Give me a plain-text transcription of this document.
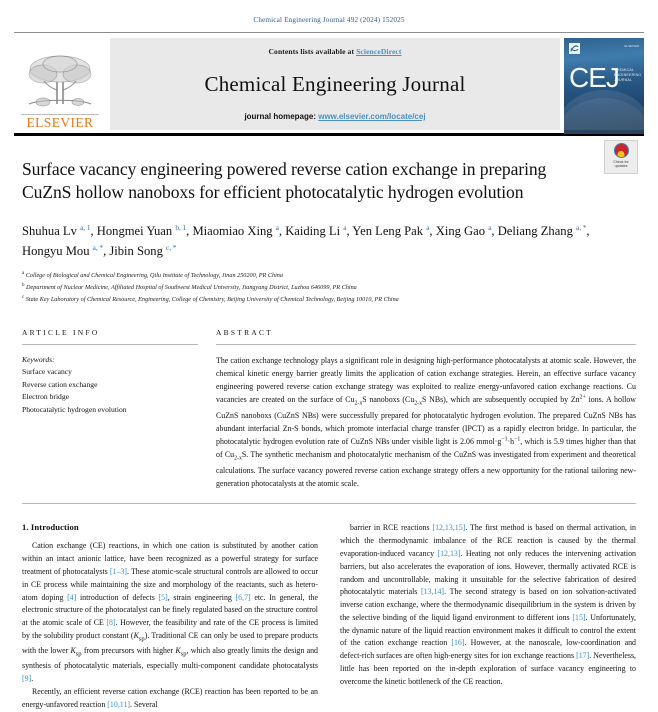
Chemical Engineering Journal 492 (2024) 152025
ELSEVIER
Contents lists available at ScienceDirect
Chemical Engineering Journal
journal homepage: www.elsevier.com/locate/cej
ELSEVIER
CEJ
CHEMICAL ENGINEERING JOURNAL
Check for
updates
Surface vacancy engineering powered reverse cation exchange in preparing CuZnS hollow nanoboxs for efficient photocatalytic hydrogen evolution
Shuhua Lv $^{a, 1}$, Hongmei Yuan $^{b, 1}$, Miaomiao Xing $^a$, Kaiding Li $^a$, Yen Leng Pak $^a$, Xing Gao $^a$, Deliang Zhang $^{a, *}$, Hongyu Mou $^{a, *}$, Jibin Song $^{c, *}$
$^a$ College of Biological and Chemical Engineering, Qilu Institute of Technology, Jinan 250200, PR China
$^b$ Department of Nuclear Medicine, Affiliated Hospital of Southwest Medical University, Jiangyang District, Luzhou 646099, PR China
$^c$ State Key Laboratory of Chemical Resource, Engineering, College of Chemistry, Beijing University of Chemical Technology, Beijing 10010, PR China
ARTICLE INFO
Keywords:
Surface vacancy
Reverse cation exchange
Electron bridge
Photocatalytic hydrogen evolution
ABSTRACT
The cation exchange technology plays a significant role in designing high-performance photocatalysts at atomic scale. However, the chemical kinetic energy barrier greatly limits the application of cation exchange strategies. Herein, an effective surface vacancy engineering powered reverse cation exchange strategy was exploited to realize energy-unfavored cation exchange reactions. Cu vacancies are created on the surface of $Cu_{2-x}S$ nanoboxs ($Cu_{2-x}S$ NBs), which are subsequently occupied by $Zn^{2+}$ ions. A hollow CuZnS nanoboxs (CuZnS NBs) were successfully prepared for photocatalytic hydrogen evolution. The prepared CuZnS NBs has abundant interfacial Zn-S bonds, which promote interfacial charge transfer (IPCT) as a rapidly electron bridge. In particular, the photocatalytic hydrogen evolution rate of CuZnS NBs under visible light is 2.06 $mmol\cdot g^{-1}\cdot h^{-1}$, which is 5.9 times higher than that of $Cu_{2-x}S$. The synthetic mechanism and photocatalytic mechanism of the CuZnS was investigated from experiment and theoretical calculations. The surface vacancy powered reverse cation exchange strategy offers a new opportunity for the rational tailoring new-generation photocatalysts at the atomic scale.
1. Introduction

Cation exchange (CE) reactions, in which one cation is substituted by another cation within an intact anionic lattice, have been recognized as a powerful strategy for surface treatment of photocatalysts [1–3]. These atomic-scale structural controls are allowed to occur in CE process while maintaining the size and morphology of the reactants, such as hetero-atom doping [4] introduction of defects [5], strain engineering [6,7] etc. In general, the electronic structure of the photocatalyst can be finely regulated based on the structure control at the atomic scale of CE [8]. However, the feasibility and rate of the CE process is limited by the solubility product constant $(K_{sp})$. Traditional CE can only be used to prepare products with the lower $K_{sp}$ from precursors with higher $K_{sp}$, which also greatly limits the design and synthesis of photocatalytic materials, especially multi-component candidate photocatalysts [9].

Recently, an efficient reverse cation exchange (RCE) reaction has been reported to be an energy-unfavored reaction [10,11]. Several

barrier in RCE reactions [12,13,15]. The first method is based on thermal activation, in which the thermodynamic imbalance of the RCE reaction is caused by the thermal evaporation-induced vacancy [12,13]. Heating not only reduces the intervening activation barriers, but also accelerates the evaporation of ions. However, thermally activated RCE is random and uncontrollable, making it unsuitable for the selective fabrication of desired photocatalytic materials [13,14]. The second strategy is based on ion solvation-activated inverse cation exchange, where the thermodynamic disequilibrium in the system is driven by the selective binding of the liquid ligand environment to different ions [15]. Unfortunately, the dynamic nature of the liquid reaction environment makes it difficult to control the extent of the cation exchange reaction [16]. However, at the nanoscale, low-coordination and defect-rich surfaces are often high-energy sites for ion exchange reactions [17]. Nevertheless, little has been reported on the in-depth exploration of surface vacancy engineering to overcome the kinetic bottleneck of the CE reaction.
